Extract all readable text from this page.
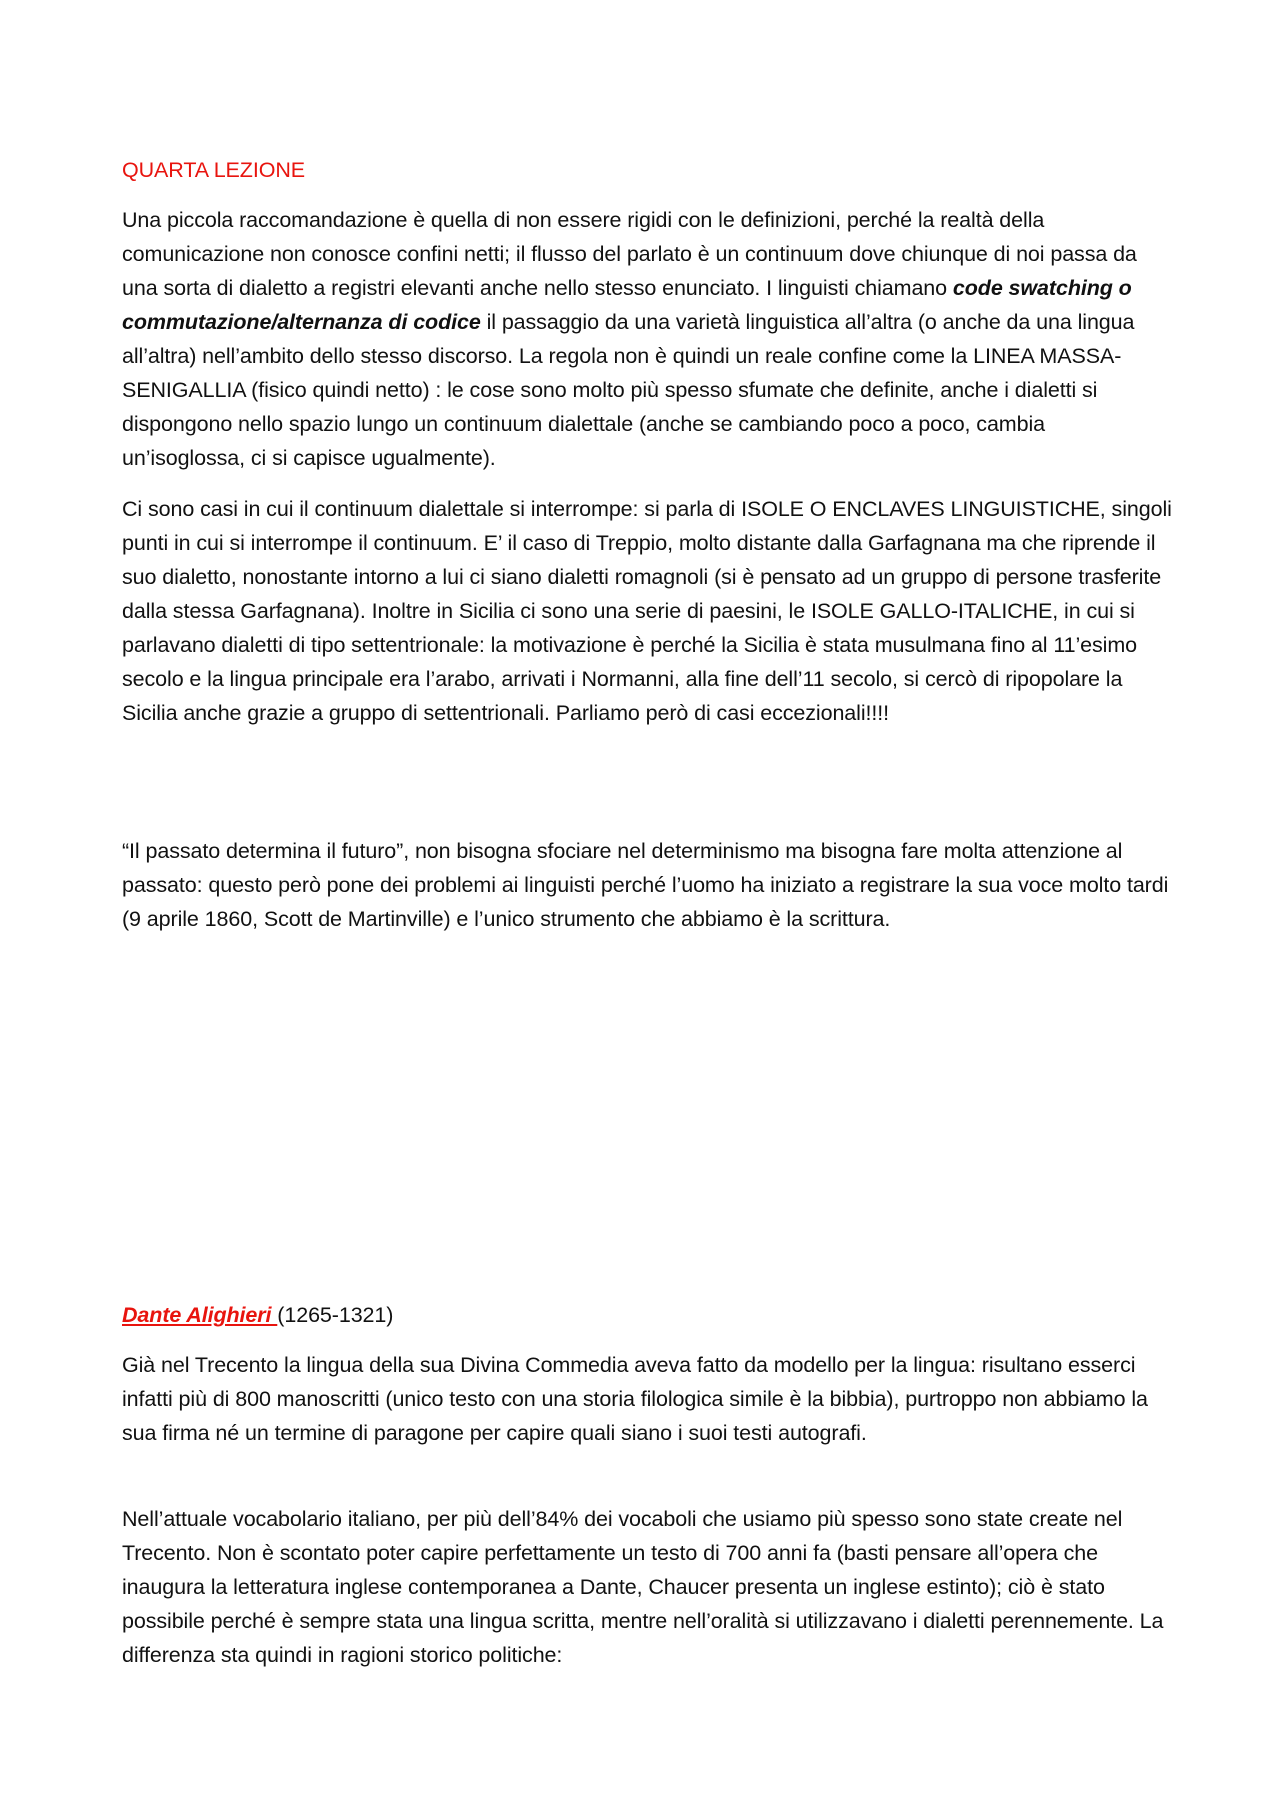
QUARTA LEZIONE

Una piccola raccomandazione è quella di non essere rigidi con le definizioni, perché la realtà della comunicazione non conosce confini netti; il flusso del parlato è un continuum dove chiunque di noi passa da una sorta di dialetto a registri elevanti anche nello stesso enunciato. I linguisti chiamano code swatching o commutazione/alternanza di codice il passaggio da una varietà linguistica all’altra (o anche da una lingua all’altra) nell’ambito dello stesso discorso. La regola non è quindi un reale confine come la LINEA MASSA-SENIGALLIA (fisico quindi netto) : le cose sono molto più spesso sfumate che definite, anche i dialetti si dispongono nello spazio lungo un continuum dialettale (anche se cambiando poco a poco, cambia un’isoglossa, ci si capisce ugualmente).

Ci sono casi in cui il continuum dialettale si interrompe: si parla di ISOLE O ENCLAVES LINGUISTICHE, singoli punti in cui si interrompe il continuum. E’ il caso di Treppio, molto distante dalla Garfagnana ma che riprende il suo dialetto, nonostante intorno a lui ci siano dialetti romagnoli (si è pensato ad un gruppo di persone trasferite dalla stessa Garfagnana). Inoltre in Sicilia ci sono una serie di paesini, le ISOLE GALLO-ITALICHE, in cui si parlavano dialetti di tipo settentrionale: la motivazione è perché la Sicilia è stata musulmana fino al 11’esimo secolo e la lingua principale era l’arabo, arrivati i Normanni, alla fine dell’11 secolo, si cercò di ripopolare la Sicilia anche grazie a gruppo di settentrionali. Parliamo però di casi eccezionali!!!!

“Il passato determina il futuro”, non bisogna sfociare nel determinismo ma bisogna fare molta attenzione al passato: questo però pone dei problemi ai linguisti perché l’uomo ha iniziato a registrare la sua voce molto tardi (9 aprile 1860, Scott de Martinville) e l’unico strumento che abbiamo è la scrittura.

Dante Alighieri (1265-1321)

Già nel Trecento la lingua della sua Divina Commedia aveva fatto da modello per la lingua: risultano esserci infatti più di 800 manoscritti (unico testo con una storia filologica simile è la bibbia), purtroppo non abbiamo la sua firma né un termine di paragone per capire quali siano i suoi testi autografi.

Nell’attuale vocabolario italiano, per più dell’84% dei vocaboli che usiamo più spesso sono state create nel Trecento. Non è scontato poter capire perfettamente un testo di 700 anni fa (basti pensare all’opera che inaugura la letteratura inglese contemporanea a Dante, Chaucer presenta un inglese estinto); ciò è stato possibile perché è sempre stata una lingua scritta, mentre nell’oralità si utilizzavano i dialetti perennemente. La differenza sta quindi in ragioni storico politiche:
